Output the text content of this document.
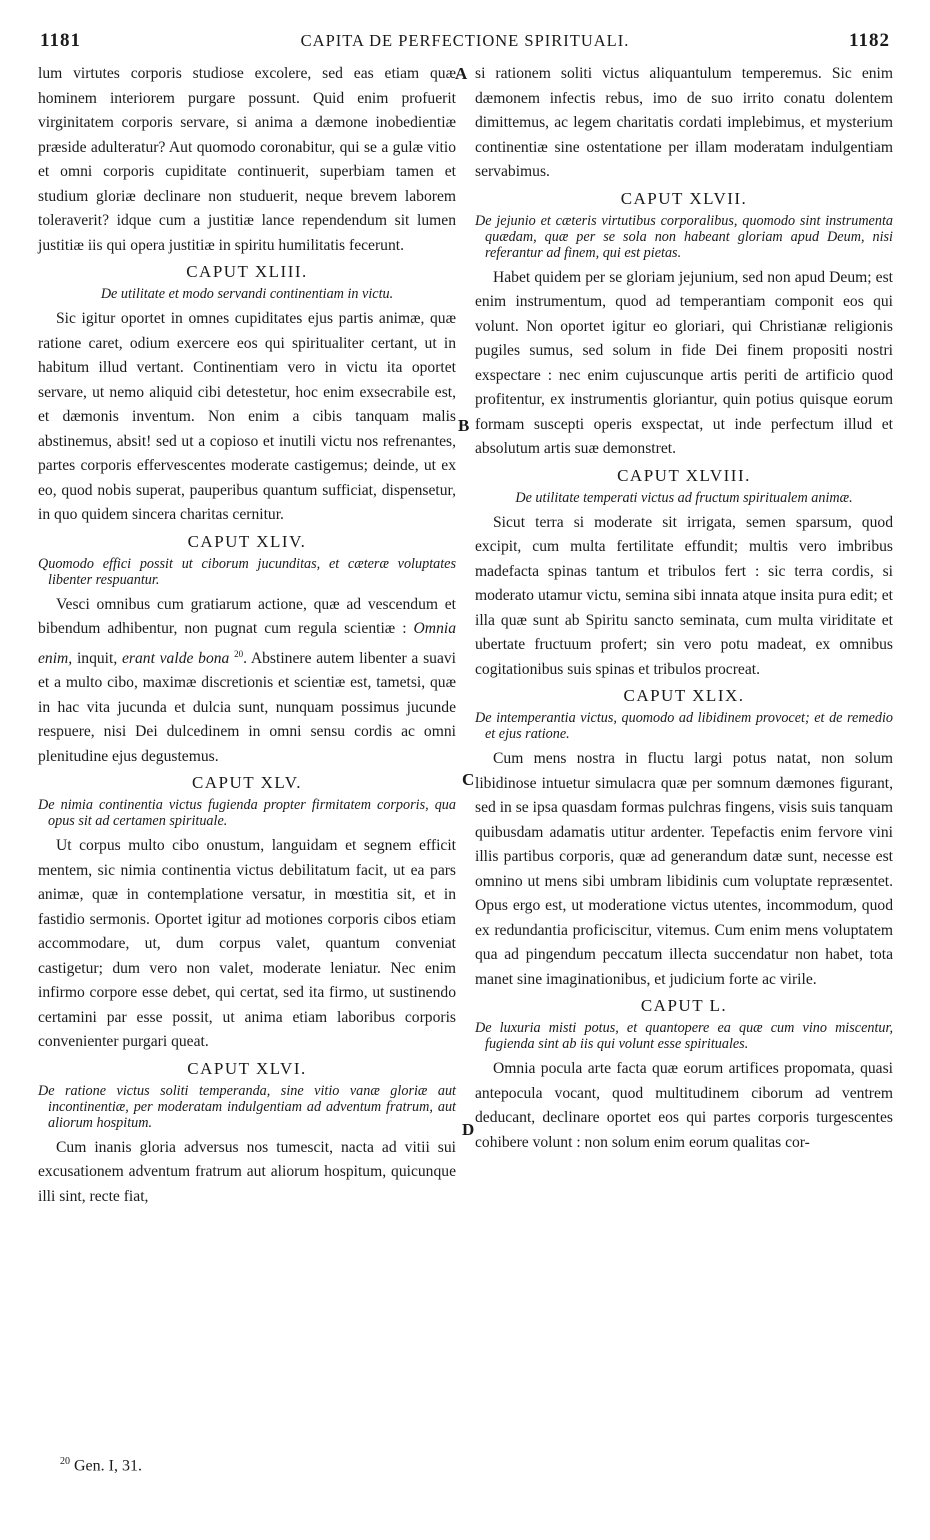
1181	CAPITA DE PERFECTIONE SPIRITUALI.	1182
A
B
C
D

lum virtutes corporis studiose excolere, sed eas etiam quæ hominem interiorem purgare possunt. Quid enim profuerit virginitatem corporis servare, si anima a dæmone inobedientiæ præside adulteratur? Aut quomodo coronabitur, qui se a gulæ vitio et omni corporis cupiditate continuerit, superbiam tamen et studium gloriæ declinare non studuerit, neque brevem laborem toleraverit? idque cum a justitiæ lance rependendum sit lumen justitiæ iis qui opera justitiæ in spiritu humilitatis fecerunt.

CAPUT XLIII.
De utilitate et modo servandi continentiam in victu.

Sic igitur oportet in omnes cupiditates ejus partis animæ, quæ ratione caret, odium exercere eos qui spiritualiter certant, ut in habitum illud vertant. Continentiam vero in victu ita oportet servare, ut nemo aliquid cibi detestetur, hoc enim exsecrabile est, et dæmonis inventum. Non enim a cibis tanquam malis abstinemus, absit! sed ut a copioso et inutili victu nos refrenantes, partes corporis effervescentes moderate castigemus; deinde, ut ex eo, quod nobis superat, pauperibus quantum sufficiat, dispensetur, in quo quidem sincera charitas cernitur.

CAPUT XLIV.
Quomodo effici possit ut ciborum jucunditas, et cæteræ voluptates libenter respuantur.

Vesci omnibus cum gratiarum actione, quæ ad vescendum et bibendum adhibentur, non pugnat cum regula scientiæ : Omnia enim, inquit, erant valde bona $^{20}$. Abstinere autem libenter a suavi et a multo cibo, maximæ discretionis et scientiæ est, tametsi, quæ in hac vita jucunda et dulcia sunt, nunquam possimus jucunde respuere, nisi Dei dulcedinem in omni sensu cordis ac omni plenitudine ejus degustemus.

CAPUT XLV.
De nimia continentia victus fugienda propter firmitatem corporis, qua opus sit ad certamen spirituale.

Ut corpus multo cibo onustum, languidam et segnem efficit mentem, sic nimia continentia victus debilitatum facit, ut ea pars animæ, quæ in contemplatione versatur, in mœstitia sit, et in fastidio sermonis. Oportet igitur ad motiones corporis cibos etiam accommodare, ut, dum corpus valet, quantum conveniat castigetur; dum vero non valet, moderate leniatur. Nec enim infirmo corpore esse debet, qui certat, sed ita firmo, ut sustinendo certamini par esse possit, ut anima etiam laboribus corporis convenienter purgari queat.

CAPUT XLVI.
De ratione victus soliti temperanda, sine vitio vanæ gloriæ aut incontinentiæ, per moderatam indulgentiam ad adventum fratrum, aut aliorum hospitum.

Cum inanis gloria adversus nos tumescit, nacta ad vitii sui excusationem adventum fratrum aut aliorum hospitum, quicunque illi sint, recte fiat,

si rationem soliti victus aliquantulum temperemus. Sic enim dæmonem infectis rebus, imo de suo irrito conatu dolentem dimittemus, ac legem charitatis cordati implebimus, et mysterium continentiæ sine ostentatione per illam moderatam indulgentiam servabimus.

CAPUT XLVII.
De jejunio et cæteris virtutibus corporalibus, quomodo sint instrumenta quædam, quæ per se sola non habeant gloriam apud Deum, nisi referantur ad finem, qui est pietas.

Habet quidem per se gloriam jejunium, sed non apud Deum; est enim instrumentum, quod ad temperantiam componit eos qui volunt. Non oportet igitur eo gloriari, qui Christianæ religionis pugiles sumus, sed solum in fide Dei finem propositi nostri exspectare : nec enim cujuscunque artis periti de artificio quod profitentur, ex instrumentis gloriantur, quin potius quisque eorum formam suscepti operis exspectat, ut inde perfectum illud et absolutum artis suæ demonstret.

CAPUT XLVIII.
De utilitate temperati victus ad fructum spiritualem animæ.

Sicut terra si moderate sit irrigata, semen sparsum, quod excipit, cum multa fertilitate effundit; multis vero imbribus madefacta spinas tantum et tribulos fert : sic terra cordis, si moderato utamur victu, semina sibi innata atque insita pura edit; et illa quæ sunt ab Spiritu sancto seminata, cum multa viriditate et ubertate fructuum profert; sin vero potu madeat, ex omnibus cogitationibus suis spinas et tribulos procreat.

CAPUT XLIX.
De intemperantia victus, quomodo ad libidinem provocet; et de remedio et ejus ratione.

Cum mens nostra in fluctu largi potus natat, non solum libidinose intuetur simulacra quæ per somnum dæmones figurant, sed in se ipsa quasdam formas pulchras fingens, visis suis tanquam quibusdam adamatis utitur ardenter. Tepefactis enim fervore vini illis partibus corporis, quæ ad generandum datæ sunt, necesse est omnino ut mens sibi umbram libidinis cum voluptate repræsentet. Opus ergo est, ut moderatione victus utentes, incommodum, quod ex redundantia proficiscitur, vitemus. Cum enim mens voluptatem qua ad pingendum peccatum illecta succendatur non habet, tota manet sine imaginationibus, et judicium forte ac virile.

CAPUT L.
De luxuria misti potus, et quantopere ea quæ cum vino miscentur, fugienda sint ab iis qui volunt esse spirituales.

Omnia pocula arte facta quæ eorum artifices propomata, quasi antepocula vocant, quod multitudinem ciborum ad ventrem deducant, declinare oportet eos qui partes corporis turgescentes cohibere volunt : non solum enim eorum qualitas cor-

$^{20}$ Gen. I, 31.
